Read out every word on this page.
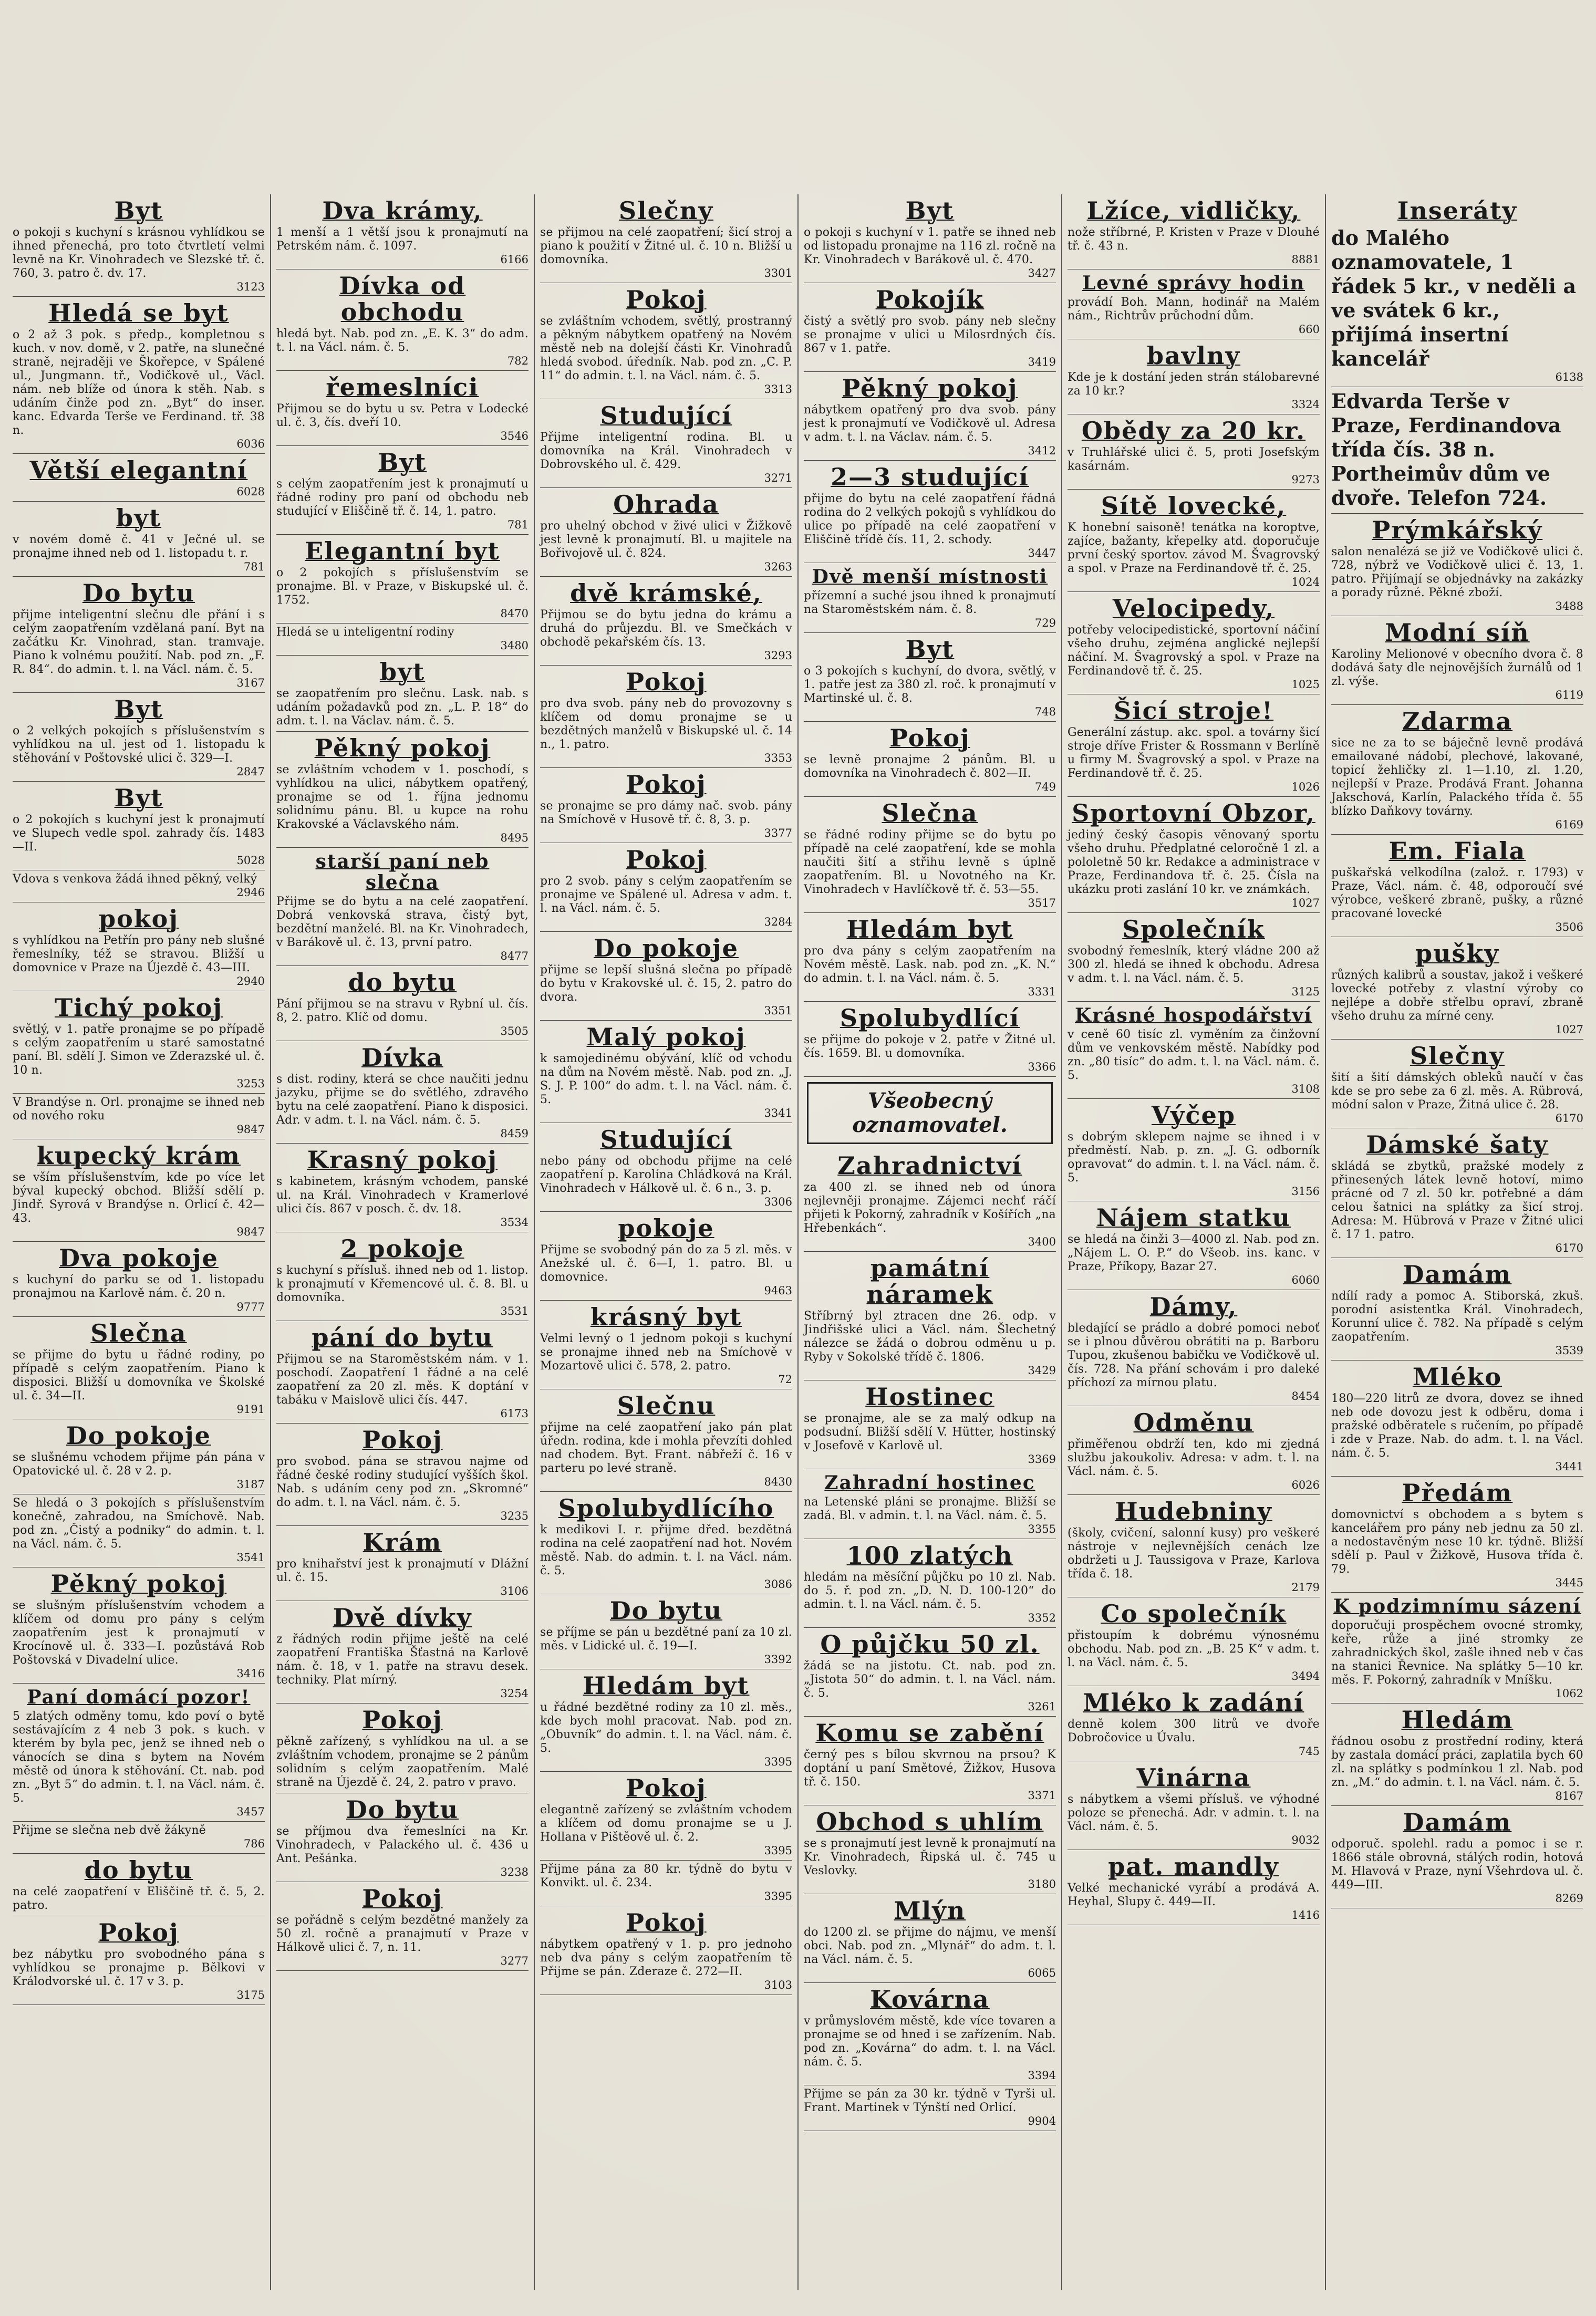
Byt

o pokoji s kuchyní s krásnou vyhlídkou se ihned přenechá, pro toto čtvrtletí velmi levně na Kr. Vinohradech ve Slezské tř. č. 760, 3. patro č. dv. 17.

3123
Hledá se byt

o 2 až 3 pok. s předp., kompletnou s kuch. v nov. domě, v 2. patře, na slunečné straně, nejraději ve Škořepce, v Spálené ul., Jungmann. tř., Vodičkově ul., Václ. nám. neb blíže od února k stěh. Nab. s udáním činže pod zn. „Byt“ do inser. kanc. Edvarda Terše ve Ferdinand. tř. 38 n.

6036
Větší elegantní
6028
byt

v novém domě č. 41 v Ječné ul. se pronajme ihned neb od 1. listopadu t. r.

781
Do bytu

přijme inteligentní slečnu dle přání i s celým zaopatřením vzdělaná paní. Byt na začátku Kr. Vinohrad, stan. tramvaje. Piano k volnému použití. Nab. pod zn. „F. R. 84“. do admin. t. l. na Václ. nám. č. 5.

3167
Byt

o 2 velkých pokojích s příslušenstvím s vyhlídkou na ul. jest od 1. listopadu k stěhování v Poštovské ulici č. 329—I.

2847
Byt

o 2 pokojích s kuchyní jest k pronajmutí ve Slupech vedle spol. zahrady čís. 1483—II.

5028

Vdova s venkova žádá ihned pěkný, velký

2946
pokoj

s vyhlídkou na Petřín pro pány neb slušné řemeslníky, též se stravou. Bližší u domovnice v Praze na Újezdě č. 43—III.

2940
Tichý pokoj

světlý, v 1. patře pronajme se po případě s celým zaopatřením u staré samostatné paní. Bl. sdělí J. Simon ve Zderazské ul. č. 10 n.

3253

V Brandýse n. Orl. pronajme se ihned neb od nového roku

9847
kupecký krám

se vším příslušenstvím, kde po více let býval kupecký obchod. Bližší sdělí p. Jindř. Syrová v Brandýse n. Orlicí č. 42—43.

9847
Dva pokoje

s kuchyní do parku se od 1. listopadu pronajmou na Karlově nám. č. 20 n.

9777
Slečna

se přijme do bytu u řádné rodiny, po případě s celým zaopatřením. Piano k disposici. Bližší u domovníka ve Školské ul. č. 34—II.

9191
Do pokoje

se slušnému vchodem přijme pán pána v Opatovické ul. č. 28 v 2. p.

3187

Se hledá o 3 pokojích s příslušenstvím konečně, zahradou, na Smíchově. Nab. pod zn. „Čistý a podniky“ do admin. t. l. na Václ. nám. č. 5.

3541
Pěkný pokoj

se slušným příslušenstvím vchodem a klíčem od domu pro pány s celým zaopatřením jest k pronajmutí v Krocínově ul. č. 333—I. pozůstává Rob Poštovská v Divadelní ulice.

3416
Paní domácí pozor!

5 zlatých odměny tomu, kdo poví o bytě sestávajícím z 4 neb 3 pok. s kuch. v kterém by byla pec, jenž se ihned neb o vánocích se dina s bytem na Novém městě od února k stěhování. Ct. nab. pod zn. „Byt 5“ do admin. t. l. na Václ. nám. č. 5.

3457

Přijme se slečna neb dvě žákyně

786
do bytu

na celé zaopatření v Eliščině tř. č. 5, 2. patro.

Pokoj

bez nábytku pro svobodného pána s vyhlídkou se pronajme p. Bělkovi v Králodvorské ul. č. 17 v 3. p.

3175
Dva krámy,

1 menší a 1 větší jsou k pronajmutí na Petrském nám. č. 1097.

6166
Dívka od obchodu

hledá byt. Nab. pod zn. „E. K. 3“ do adm. t. l. na Václ. nám. č. 5.

782
řemeslníci

Přijmou se do bytu u sv. Petra v Lodecké ul. č. 3, čís. dveří 10.

3546
Byt

s celým zaopatřením jest k pronajmutí u řádné rodiny pro paní od obchodu neb studující v Eliščině tř. č. 14, 1. patro.

781
Elegantní byt

o 2 pokojích s příslušenstvím se pronajme. Bl. v Praze, v Biskupské ul. č. 1752.

8470

Hledá se u inteligentní rodiny

3480
byt

se zaopatřením pro slečnu. Lask. nab. s udáním požadavků pod zn. „L. P. 18“ do adm. t. l. na Václav. nám. č. 5.

Pěkný pokoj

se zvláštním vchodem v 1. poschodí, s vyhlídkou na ulici, nábytkem opatřený, pronajme se od 1. října jednomu solidnímu pánu. Bl. u kupce na rohu Krakovské a Václavského nám.

8495
starší paní neb slečna

Přijme se do bytu a na celé zaopatření. Dobrá venkovská strava, čistý byt, bezdětní manželé. Bl. na Kr. Vinohradech, v Barákově ul. č. 13, první patro.

8477
do bytu

Pání přijmou se na stravu v Rybní ul. čís. 8, 2. patro. Klíč od domu.

3505
Dívka

s dist. rodiny, která se chce naučiti jednu jazyku, přijme se do světlého, zdravého bytu na celé zaopatření. Piano k disposici. Adr. v adm. t. l. na Václ. nám. č. 5.

8459
Krasný pokoj

s kabinetem, krásným vchodem, panské ul. na Král. Vinohradech v Kramerlové ulici čís. 867 v posch. č. dv. 18.

3534
2 pokoje

s kuchyní s přísluš. ihned neb od 1. listop. k pronajmutí v Křemencové ul. č. 8. Bl. u domovníka.

3531
pání do bytu

Přijmou se na Staroměstském nám. v 1. poschodí. Zaopatření 1 řádné a na celé zaopatření za 20 zl. měs. K doptání v tabáku v Maislově ulici čís. 447.

6173
Pokoj

pro svobod. pána se stravou najme od řádné české rodiny studující vyšších škol. Nab. s udáním ceny pod zn. „Skromné“ do adm. t. l. na Václ. nám. č. 5.

3235
Krám

pro knihařství jest k pronajmutí v Dlážní ul. č. 15.

3106
Dvě dívky

z řádných rodin přijme ještě na celé zaopatření Františka Šťastná na Karlově nám. č. 18, v 1. patře na stravu desek. techniky. Plat mírný.

3254
Pokoj

pěkně zařízený, s vyhlídkou na ul. a se zvláštním vchodem, pronajme se 2 pánům solidním s celým zaopatřením. Malé straně na Újezdě č. 24, 2. patro v pravo.

Do bytu

se příjmou dva řemeslníci na Kr. Vinohradech, v Palackého ul. č. 436 u Ant. Pešánka.

3238
Pokoj

se pořádně s celým bezdětné manžely za 50 zl. ročně a pranajmutí v Praze v Hálkově ulici č. 7, n. 11.

3277
Slečny

se přijmou na celé zaopatření; šicí stroj a piano k použití v Žitné ul. č. 10 n. Bližší u domovníka.

3301
Pokoj

se zvláštním vchodem, světlý, prostranný a pěkným nábytkem opatřený na Novém městě neb na dolejší části Kr. Vinohradů hledá svobod. úředník. Nab. pod zn. „C. P. 11“ do admin. t. l. na Václ. nám. č. 5.

3313
Studující

Přijme inteligentní rodina. Bl. u domovníka na Král. Vinohradech v Dobrovského ul. č. 429.

3271
Ohrada

pro uhelný obchod v živé ulici v Žižkově jest levně k pronajmutí. Bl. u majitele na Bořivojově ul. č. 824.

3263
dvě krámské,

Přijmou se do bytu jedna do krámu a druhá do průjezdu. Bl. ve Smečkách v obchodě pekařském čís. 13.

3293
Pokoj

pro dva svob. pány neb do provozovny s klíčem od domu pronajme se u bezdětných manželů v Biskupské ul. č. 14 n., 1. patro.

3353
Pokoj

se pronajme se pro dámy nač. svob. pány na Smíchově v Husově tř. č. 8, 3. p.

3377
Pokoj

pro 2 svob. pány s celým zaopatřením se pronajme ve Spálené ul. Adresa v adm. t. l. na Václ. nám. č. 5.

3284
Do pokoje

přijme se lepší slušná slečna po případě do bytu v Krakovské ul. č. 15, 2. patro do dvora.

3351
Malý pokoj

k samojedinému obývání, klíč od vchodu na dům na Novém městě. Nab. pod zn. „J. S. J. P. 100“ do adm. t. l. na Václ. nám. č. 5.

3341
Studující

nebo pány od obchodu přijme na celé zaopatření p. Karolína Chládková na Král. Vinohradech v Hálkově ul. č. 6 n., 3. p.

3306
pokoje

Přijme se svobodný pán do za 5 zl. měs. v Anežské ul. č. 6—I, 1. patro. Bl. u domovnice.

9463
krásný byt

Velmi levný o 1 jednom pokoji s kuchyní se pronajme ihned neb na Smíchově v Mozartově ulici č. 578, 2. patro.

72
Slečnu

přijme na celé zaopatření jako pán plat úředn. rodina, kde i mohla převzíti dohled nad chodem. Byt. Frant. nábřeží č. 16 v parteru po levé straně.

8430
Spolubydlícího

k medikovi I. r. přijme dřed. bezdětná rodina na celé zaopatření nad hot. Novém městě. Nab. do admin. t. l. na Václ. nám. č. 5.

3086
Do bytu

se příjme se pán u bezdětné paní za 10 zl. měs. v Lidické ul. č. 19—I.

3392
Hledám byt

u řádné bezdětné rodiny za 10 zl. měs., kde bych mohl pracovat. Nab. pod zn. „Obuvník“ do admin. t. l. na Václ. nám. č. 5.

3395
Pokoj

elegantně zařízený se zvláštním vchodem a klíčem od domu pronajme se u J. Hollana v Pištěově ul. č. 2.

3395

Přijme pána za 80 kr. týdně do bytu v Konvikt. ul. č. 234.

3395
Pokoj

nábytkem opatřený v 1. p. pro jednoho neb dva pány s celým zaopatřením tě Přijme se pán. Zderaze č. 272—II.

3103
Byt

o pokoji s kuchyní v 1. patře se ihned neb od listopadu pronajme na 116 zl. ročně na Kr. Vinohradech v Barákově ul. č. 470.

3427
Pokojík

čistý a světlý pro svob. pány neb slečny se pronajme v ulici u Milosrdných čís. 867 v 1. patře.

3419
Pěkný pokoj

nábytkem opatřený pro dva svob. pány jest k pronajmutí ve Vodičkově ul. Adresa v adm. t. l. na Václav. nám. č. 5.

3412
2—3 studující

přijme do bytu na celé zaopatření řádná rodina do 2 velkých pokojů s vyhlídkou do ulice po případě na celé zaopatření v Eliščině třídě čís. 11, 2. schody.

3447
Dvě menší místnosti

přízemní a suché jsou ihned k pronajmutí na Staroměstském nám. č. 8.

729
Byt

o 3 pokojích s kuchyní, do dvora, světlý, v 1. patře jest za 380 zl. roč. k pronajmutí v Martinské ul. č. 8.

748
Pokoj

se levně pronajme 2 pánům. Bl. u domovníka na Vinohradech č. 802—II.

749
Slečna

se řádné rodiny přijme se do bytu po případě na celé zaopatření, kde se mohla naučiti šití a střihu levně s úplně zaopatřením. Bl. u Novotného na Kr. Vinohradech v Havlíčkově tř. č. 53—55.

3517
Hledám byt

pro dva pány s celým zaopatřením na Novém městě. Lask. nab. pod zn. „K. N.“ do admin. t. l. na Václ. nám. č. 5.

3331
Spolubydlící

se přijme do pokoje v 2. patře v Žitné ul. čís. 1659. Bl. u domovníka.

3366
Všeobecný oznamovatel.
Zahradnictví

za 400 zl. se ihned neb od února nejlevněji pronajme. Zájemci nechť ráčí přijeti k Pokorný, zahradník v Košířích „na Hřebenkách“.

3400
památní náramek

Stříbrný byl ztracen dne 26. odp. v Jindřišské ulici a Václ. nám. Šlechetný nálezce se žádá o dobrou odměnu u p. Ryby v Sokolské třídě č. 1806.

3429
Hostinec

se pronajme, ale se za malý odkup na podsudní. Bližší sdělí V. Hütter, hostinský v Josefově v Karlově ul.

3369
Zahradní hostinec

na Letenské pláni se pronajme. Bližší se zadá. Bl. v admin. t. l. na Václ. nám. č. 5.

3355
100 zlatých

hledám na měsíční půjčku po 10 zl. Nab. do 5. ř. pod zn. „D. N. D. 100-120“ do admin. t. l. na Václ. nám. č. 5.

3352
O půjčku 50 zl.

žádá se na jistotu. Ct. nab. pod zn. „Jistota 50“ do admin. t. l. na Václ. nám. č. 5.

3261
Komu se zabění

černý pes s bílou skvrnou na prsou? K doptání u paní Smětové, Žižkov, Husova tř. č. 150.

3371
Obchod s uhlím

se s pronajmutí jest levně k pronajmutí na Kr. Vinohradech, Řipská ul. č. 745 u Veslovky.

3180
Mlýn

do 1200 zl. se přijme do nájmu, ve menší obci. Nab. pod zn. „Mlynář“ do adm. t. l. na Václ. nám. č. 5.

6065
Kovárna

v průmyslovém městě, kde více tovaren a pronajme se od hned i se zařízením. Nab. pod zn. „Kovárna“ do adm. t. l. na Václ. nám. č. 5.

3394

Přijme se pán za 30 kr. týdně v Tyrši ul. Frant. Martinek v Týnští ned Orlicí.

9904
Lžíce, vidličky,

nože stříbrné, P. Kristen v Praze v Dlouhé tř. č. 43 n.

8881
Levné správy hodin

provádí Boh. Mann, hodinář na Malém nám., Richtrův průchodní dům.

660
bavlny

Kde je k dostání jeden strán stálobarevné za 10 kr.?

3324
Obědy za 20 kr.

v Truhlářské ulici č. 5, proti Josefským kasárnám.

9273
Sítě lovecké,

K honební saisoně! tenátka na koroptve, zajíce, bažanty, křepelky atd. doporučuje první český sportov. závod M. Švagrovský a spol. v Praze na Ferdinandově tř. č. 25.

1024
Velocipedy,

potřeby velocipedistické, sportovní náčiní všeho druhu, zejména anglické nejlepší náčiní. M. Švagrovský a spol. v Praze na Ferdinandově tř. č. 25.

1025
Šicí stroje!

Generální zástup. akc. spol. a továrny šicí stroje dříve Frister & Rossmann v Berlíně u firmy M. Švagrovský a spol. v Praze na Ferdinandově tř. č. 25.

1026
Sportovní Obzor,

jediný český časopis věnovaný sportu všeho druhu. Předplatné celoročně 1 zl. a pololetně 50 kr. Redakce a administrace v Praze, Ferdinandova tř. č. 25. Čísla na ukázku proti zaslání 10 kr. ve známkách.

1027
Společník

svobodný řemeslník, který vládne 200 až 300 zl. hledá se ihned k obchodu. Adresa v adm. t. l. na Václ. nám. č. 5.

3125
Krásné hospodářství

v ceně 60 tisíc zl. vyměním za činžovní dům ve venkovském městě. Nabídky pod zn. „80 tisíc“ do adm. t. l. na Václ. nám. č. 5.

3108
Výčep

s dobrým sklepem najme se ihned i v předměstí. Nab. p. zn. „J. G. odborník opravovat“ do admin. t. l. na Václ. nám. č. 5.

3156
Nájem statku

se hledá na činži 3—4000 zl. Nab. pod zn. „Nájem L. O. P.“ do Všeob. ins. kanc. v Praze, Příkopy, Bazar 27.

6060
Dámy,

bledající se prádlo a dobré pomoci neboť se i plnou důvěrou obrátiti na p. Barboru Tupou, zkušenou babičku ve Vodičkově ul. čís. 728. Na přání schovám i pro daleké příchozí za mírnou platu.

8454
Odměnu

přiměřenou obdrží ten, kdo mi zjedná službu jakoukoliv. Adresa: v adm. t. l. na Václ. nám. č. 5.

6026
Hudebniny

(školy, cvičení, salonní kusy) pro veškeré nástroje v nejlevnějších cenách lze obdržeti u J. Taussigova v Praze, Karlova třída č. 18.

2179
Co společník

přistoupím k dobrému výnosnému obchodu. Nab. pod zn. „B. 25 K“ v adm. t. l. na Václ. nám. č. 5.

3494
Mléko k zadání

denně kolem 300 litrů ve dvoře Dobročovice u Úvalu.

745
Vinárna

s nábytkem a všemi přísluš. ve výhodné poloze se přenechá. Adr. v admin. t. l. na Václ. nám. č. 5.

9032
pat. mandly

Velké mechanické vyrábí a prodává A. Heyhal, Slupy č. 449—II.

1416
Inseráty

do Malého oznamovatele, 1 řádek 5 kr., v neděli a ve svátek 6 kr., přijímá insertní kancelář

6138

Edvarda Terše v Praze, Ferdinandova třída čís. 38 n. Portheimův dům ve dvoře. Telefon 724.

Prýmkářský

salon nenalézá se již ve Vodičkově ulici č. 728, nýbrž ve Vodičkově ulici č. 13, 1. patro. Přijímají se objednávky na zakázky a porady různé. Pěkné zboží.

3488
Modní síň

Karoliny Melionové v obecního dvora č. 8 dodává šaty dle nejnovějších žurnálů od 1 zl. výše.

6119
Zdarma

sice ne za to se báječně levně prodává emailované nádobí, plechové, lakované, topicí žehličky zl. 1—1.10, zl. 1.20, nejlepší v Praze. Prodává Frant. Johanna Jakschová, Karlín, Palackého třída č. 55 blízko Daňkovy továrny.

6169
Em. Fiala

puškařská velkodílna (založ. r. 1793) v Praze, Václ. nám. č. 48, odporoučí své výrobce, veškeré zbraně, pušky, a různé pracované lovecké

3506
pušky

různých kalibrů a soustav, jakož i veškeré lovecké potřeby z vlastní výroby co nejlépe a dobře střelbu opraví, zbraně všeho druhu za mírné ceny.

1027
Slečny

šití a šití dámských obleků naučí v čas kde se pro sebe za 6 zl. měs. A. Rübrová, módní salon v Praze, Žitná ulice č. 28.

6170
Dámské šaty

skládá se zbytků, pražské modely z přinesených látek levně hotoví, mimo prácné od 7 zl. 50 kr. potřebné a dám celou šatnici na splátky za šicí stroj. Adresa: M. Hübrová v Praze v Žitné ulici č. 17 1. patro.

6170
Damám

ndílí rady a pomoc A. Stiborská, zkuš. porodní asistentka Král. Vinohradech, Korunní ulice č. 782. Na případě s celým zaopatřením.

3539
Mléko

180—220 litrů ze dvora, dovez se ihned neb ode dovozu jest k odběru, doma i pražské odběratele s ručením, po případě i zde v Praze. Nab. do adm. t. l. na Václ. nám. č. 5.

3441
Předám

domovnictví s obchodem a s bytem s kancelářem pro pány neb jednu za 50 zl. a nedostavěným nese 10 kr. týdně. Bližší sdělí p. Paul v Žižkově, Husova třída č. 79.

3445
K podzimnímu sázení

doporučuji prospěchem ovocné stromky, keře, růže a jiné stromky ze zahradnických škol, zašle ihned neb v čas na stanici Řevnice. Na splátky 5—10 kr. měs. F. Pokorný, zahradník v Mníšku.

1062
Hledám

řádnou osobu z prostřední rodiny, která by zastala domácí práci, zaplatila bych 60 zl. na splátky s podmínkou 1 zl. Nab. pod zn. „M.“ do admin. t. l. na Václ. nám. č. 5.

8167
Damám

odporuč. spolehl. radu a pomoc i se r. 1866 stále obrovná, stálých rodin, hotová M. Hlavová v Praze, nyní Všehrdova ul. č. 449—III.

8269
